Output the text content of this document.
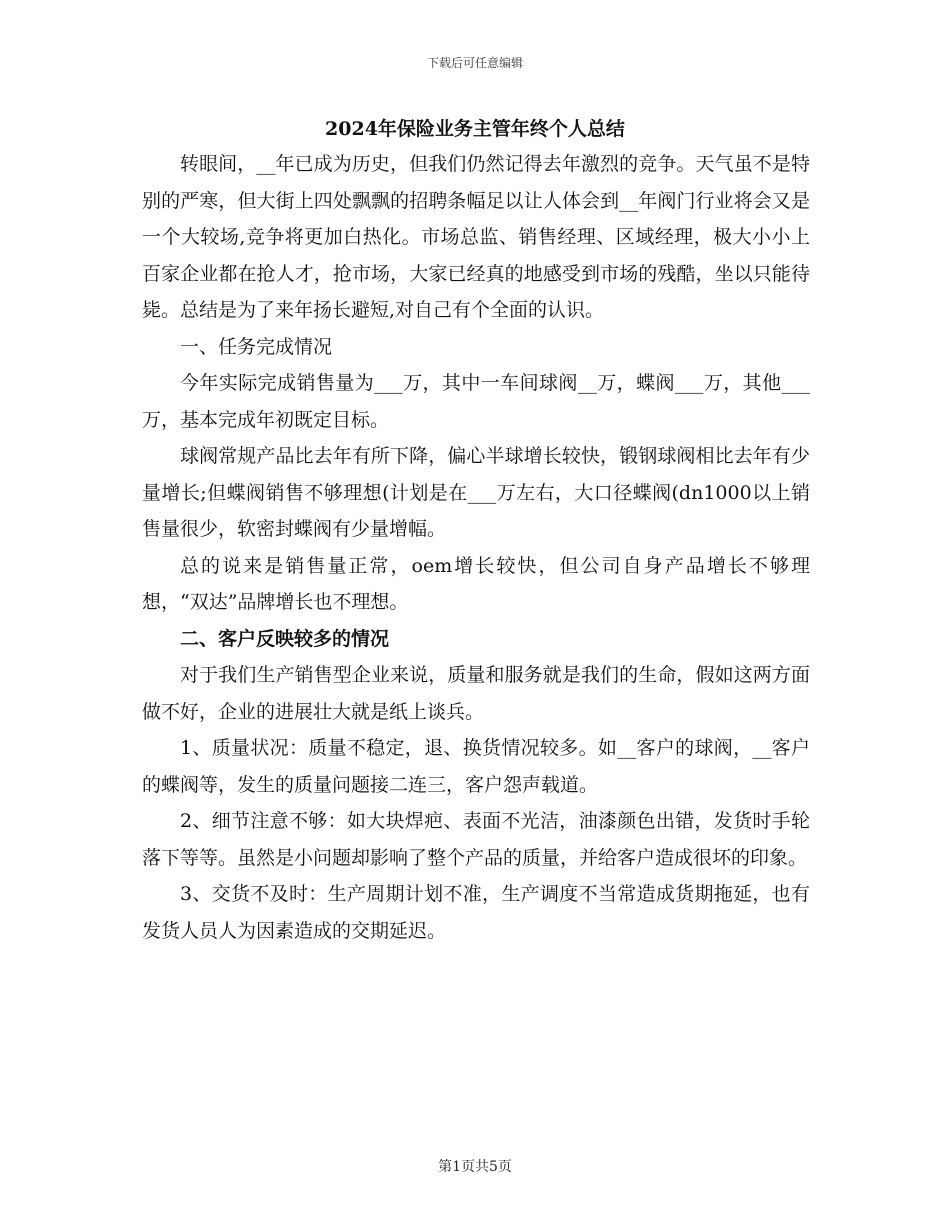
下载后可任意编辑
2024年保险业务主管年终个人总结

转眼间，__年已成为历史，但我们仍然记得去年激烈的竞争。天气虽不是特别的严寒，但大街上四处飘飘的招聘条幅足以让人体会到__年阀门行业将会又是一个大较场,竞争将更加白热化。市场总监、销售经理、区域经理，极大小小上百家企业都在抢人才，抢市场，大家已经真的地感受到市场的残酷，坐以只能待毙。总结是为了来年扬长避短,对自己有个全面的认识。

一、任务完成情况

今年实际完成销售量为___万，其中一车间球阀__万，蝶阀___万，其他___万，基本完成年初既定目标。

球阀常规产品比去年有所下降，偏心半球增长较快，锻钢球阀相比去年有少量增长;但蝶阀销售不够理想(计划是在___万左右，大口径蝶阀(dn1000以上销售量很少，软密封蝶阀有少量增幅。

总的说来是销售量正常，oem增长较快，但公司自身产品增长不够理想，“双达”品牌增长也不理想。

二、客户反映较多的情况

对于我们生产销售型企业来说，质量和服务就是我们的生命，假如这两方面做不好，企业的进展壮大就是纸上谈兵。

1、质量状况：质量不稳定，退、换货情况较多。如__客户的球阀，__客户的蝶阀等，发生的质量问题接二连三，客户怨声载道。

2、细节注意不够：如大块焊疤、表面不光洁，油漆颜色出错，发货时手轮落下等等。虽然是小问题却影响了整个产品的质量，并给客户造成很坏的印象。

3、交货不及时：生产周期计划不准，生产调度不当常造成货期拖延，也有发货人员人为因素造成的交期延迟。

第1页共5页
